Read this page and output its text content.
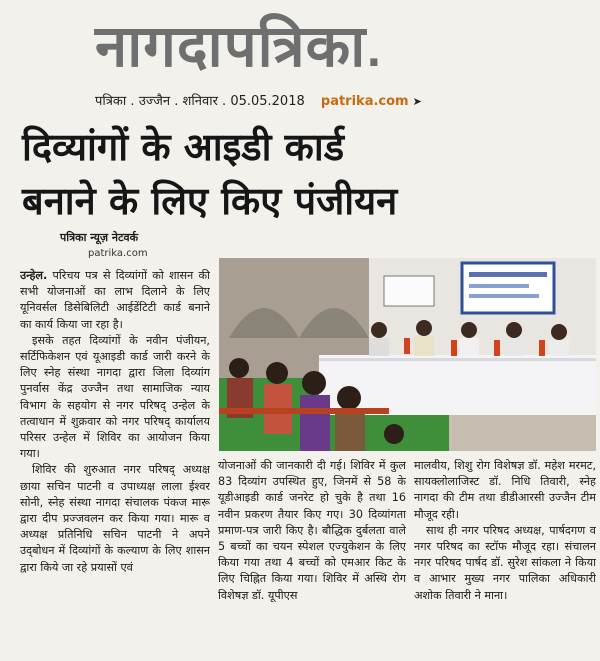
नागदापत्रिका.
पत्रिका . उज्जैन . शनिवार . 05.05.2018 patrika.com ➤
दिव्यांगों के आइडी कार्ड
बनाने के लिए किए पंजीयन
पत्रिका न्यूज़ नेटवर्क
patrika.com

उन्हेल. परिचय पत्र से दिव्यांगों को शासन की सभी योजनाओं का लाभ दिलाने के लिए यूनिवर्सल डिसेबिलिटी आईडेंटिटी कार्ड बनाने का कार्य किया जा रहा है।

इसके तहत दिव्यांगों के नवीन पंजीयन, सर्टिफिकेशन एवं यूआइडी कार्ड जारी करने के लिए स्नेह संस्था नागदा द्वारा जिला दिव्यांग पुनर्वास केंद्र उज्जैन तथा सामाजिक न्याय विभाग के सहयोग से नगर परिषद् उन्हेल के तत्वाधान में शुक्रवार को नगर परिषद् कार्यालय परिसर उन्हेल में शिविर का आयोजन किया गया।

शिविर की शुरुआत नगर परिषद् अध्यक्ष छाया सचिन पाटनी व उपाध्यक्ष लाला ईश्वर सोनी, स्नेह संस्था नागदा संचालक पंकज मारू द्वारा दीप प्रज्जवलन कर किया गया। मारू व अध्यक्ष प्रतिनिधि सचिन पाटनी ने अपने उद्‌बोधन में दिव्यांगों के कल्याण के लिए शासन द्वारा किये जा रहे प्रयासों एवं

योजनाओं की जानकारी दी गई। शिविर में कुल 83 दिव्यांग उपस्थित हुए, जिनमें से 58 के यूडीआइडी कार्ड जनरेट हो चुके है तथा 16 नवीन प्रकरण तैयार किए गए। 30 दिव्यांगता प्रमाण-पत्र जारी किए है। बौद्धिक दुर्बलता वाले 5 बच्चों का चयन स्पेशल एज्युकेशन के लिए किया गया तथा 4 बच्चों को एमआर किट के लिए चिह्नित किया गया। शिविर में अस्थि रोग विशेषज्ञ डॉ. यूपीएस

मालवीय, शिशु रोग विशेषज्ञ डॉ. महेश मरमट, सायक्लोलाजिस्ट डॉ. निधि तिवारी, स्नेह नागदा की टीम तथा डीडीआरसी उज्जैन टीम मौजूद रही।

साथ ही नगर परिषद अध्यक्ष, पार्षदगण व नगर परिषद का स्टॉफ मौजूद रहा। संचालन नगर परिषद पार्षद डॉ. सुरेश सांकला ने किया व आभार मुख्य नगर पालिका अधिकारी अशोक तिवारी ने माना।
